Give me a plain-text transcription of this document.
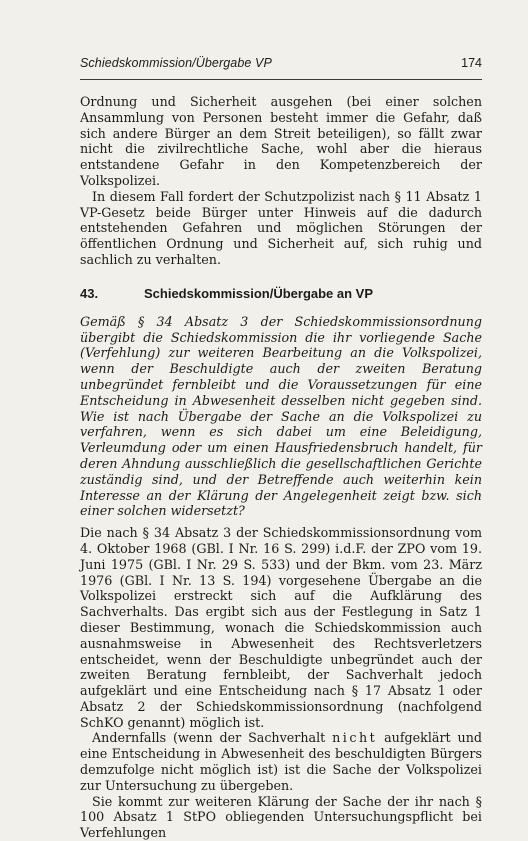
Schiedskommission/Übergabe VP	174

Ordnung und Sicherheit ausgehen (bei einer solchen Ansammlung von Personen besteht immer die Gefahr, daß sich andere Bürger an dem Streit beteiligen), so fällt zwar nicht die zivilrechtliche Sache, wohl aber die hieraus entstandene Gefahr in den Kompetenzbereich der Volkspolizei.

In diesem Fall fordert der Schutzpolizist nach § 11 Absatz 1 VP-Gesetz beide Bürger unter Hinweis auf die dadurch entstehenden Gefahren und möglichen Störungen der öffentlichen Ordnung und Sicherheit auf, sich ruhig und sachlich zu verhalten.

43.	Schiedskommission/Übergabe an VP

Gemäß § 34 Absatz 3 der Schiedskommissionsordnung übergibt die Schiedskommission die ihr vorliegende Sache (Verfehlung) zur weiteren Bearbeitung an die Volkspolizei, wenn der Beschuldigte auch der zweiten Beratung unbegründet fernbleibt und die Voraussetzungen für eine Entscheidung in Abwesenheit desselben nicht gegeben sind. Wie ist nach Übergabe der Sache an die Volkspolizei zu verfahren, wenn es sich dabei um eine Beleidigung, Verleumdung oder um einen Hausfriedensbruch handelt, für deren Ahndung ausschließlich die gesellschaftlichen Gerichte zuständig sind, und der Betreffende auch weiterhin kein Interesse an der Klärung der Angelegenheit zeigt bzw. sich einer solchen widersetzt?

Die nach § 34 Absatz 3 der Schiedskommissionsordnung vom 4. Oktober 1968 (GBl. I Nr. 16 S. 299) i.d.F. der ZPO vom 19. Juni 1975 (GBl. I Nr. 29 S. 533) und der Bkm. vom 23. März 1976 (GBl. I Nr. 13 S. 194) vorgesehene Übergabe an die Volkspolizei erstreckt sich auf die Aufklärung des Sachverhalts. Das ergibt sich aus der Festlegung in Satz 1 dieser Bestimmung, wonach die Schiedskommission auch ausnahmsweise in Abwesenheit des Rechtsverletzers entscheidet, wenn der Beschuldigte unbegründet auch der zweiten Beratung fernbleibt, der Sachverhalt jedoch aufgeklärt und eine Entscheidung nach § 17 Absatz 1 oder Absatz 2 der Schiedskommissionsordnung (nachfolgend SchKO genannt) möglich ist.

Andernfalls (wenn der Sachverhalt nicht aufgeklärt und eine Entscheidung in Abwesenheit des beschuldigten Bürgers demzufolge nicht möglich ist) ist die Sache der Volkspolizei zur Untersuchung zu übergeben.

Sie kommt zur weiteren Klärung der Sache der ihr nach § 100 Absatz 1 StPO obliegenden Untersuchungspflicht bei Verfehlungen
